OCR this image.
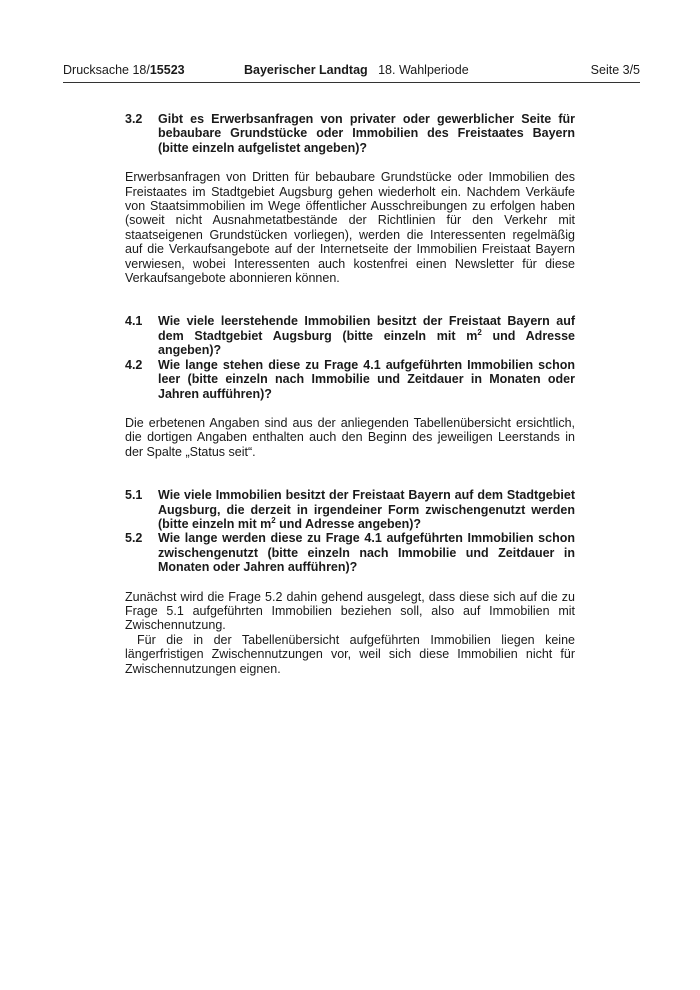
Drucksache 18/15523	Bayerischer Landtag 18. Wahlperiode	Seite 3/5
3.2	Gibt es Erwerbsanfragen von privater oder gewerblicher Seite für bebaubare Grundstücke oder Immobilien des Freistaates Bayern (bitte einzeln aufgelistet angeben)?

Erwerbsanfragen von Dritten für bebaubare Grundstücke oder Immobilien des Freistaates im Stadtgebiet Augsburg gehen wiederholt ein. Nachdem Verkäufe von Staatsimmobilien im Wege öffentlicher Ausschreibungen zu erfolgen haben (soweit nicht Ausnahmetatbestände der Richtlinien für den Verkehr mit staatseigenen Grundstücken vorliegen), werden die Interessenten regelmäßig auf die Verkaufsangebote auf der Internetseite der Immobilien Freistaat Bayern verwiesen, wobei Interessenten auch kostenfrei einen Newsletter für diese Verkaufsangebote abonnieren können.

4.1	Wie viele leerstehende Immobilien besitzt der Freistaat Bayern auf dem Stadtgebiet Augsburg (bitte einzeln mit $m^2$ und Adresse angeben)?
4.2	Wie lange stehen diese zu Frage 4.1 aufgeführten Immobilien schon leer (bitte einzeln nach Immobilie und Zeitdauer in Monaten oder Jahren aufführen)?

Die erbetenen Angaben sind aus der anliegenden Tabellenübersicht ersichtlich, die dortigen Angaben enthalten auch den Beginn des jeweiligen Leerstands in der Spalte „Status seit“.

5.1	Wie viele Immobilien besitzt der Freistaat Bayern auf dem Stadtgebiet Augsburg, die derzeit in irgendeiner Form zwischengenutzt werden (bitte einzeln mit $m^2$ und Adresse angeben)?
5.2	Wie lange werden diese zu Frage 4.1 aufgeführten Immobilien schon zwischengenutzt (bitte einzeln nach Immobilie und Zeitdauer in Monaten oder Jahren aufführen)?

Zunächst wird die Frage 5.2 dahin gehend ausgelegt, dass diese sich auf die zu Frage 5.1 aufgeführten Immobilien beziehen soll, also auf Immobilien mit Zwischennutzung.

Für die in der Tabellenübersicht aufgeführten Immobilien liegen keine längerfristigen Zwischennutzungen vor, weil sich diese Immobilien nicht für Zwischennutzungen eignen.
